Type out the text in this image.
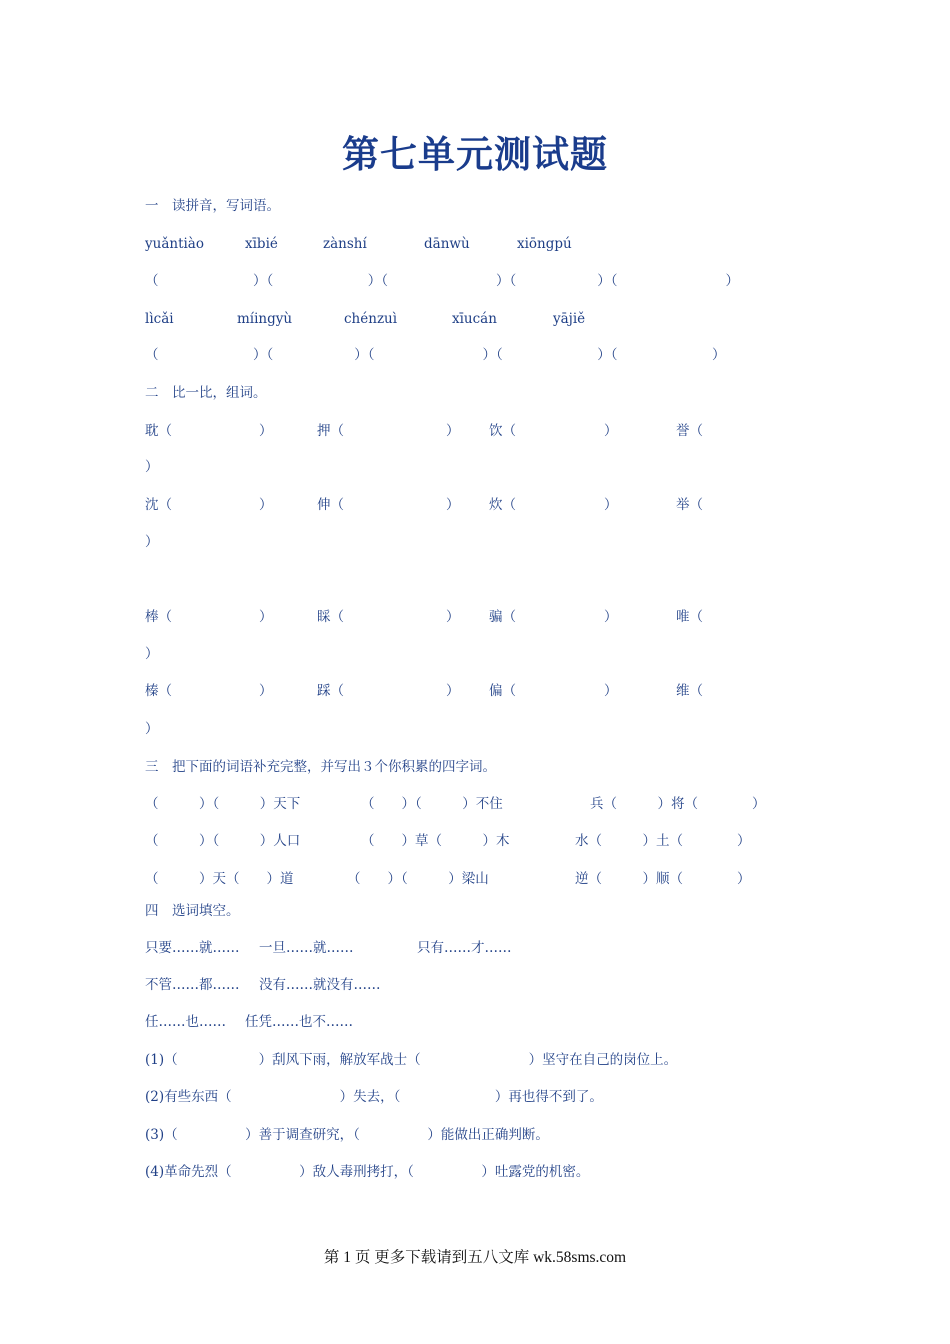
第七单元测试题
一　读拼音，写词语。
yuǎntiào	xībié	zànshí	dānwù	xiōngpú
（　　　　　　　）（　　　　　　　）（　　　　　　　　）（　　　　　　）（　　　　　　　　）
lìcǎi	míingyù	chénzuì	xīucán	yājiě
（　　　　　　　）（　　　　　　）（　　　　　　　　）（　　　　　　　）（　　　　　　　）
二　比一比，组词。
耽（	）	押（	） 饮（	）	誉（
）
沈（	）	伸（	） 炊（	）	举（
）
棒（	）	睬（	） 骗（	）	唯（
）
榛（	）	踩（	） 偏（	）	维（
）
三　把下面的词语补充完整，并写出３个你积累的四字词。
（　　　）（　　　）天下	（　　）（　　　）不住	兵（　　　）将（　　　　）
（　　　）（　　　）人口	（　　）草（　　　）木	水（　　　）土（　　　　）
（　　　）天（　　）道	（　　）（　　　）梁山	逆（　　　）顺（　　　　）
四　选词填空。
只要……就…… 一旦……就……	只有……才……
不管……都…… 没有……就没有……
任……也…… 任凭……也不……
(1)（　　　　　　）刮风下雨，解放军战士（　　　　　　　　）坚守在自己的岗位上。
(2)有些东西（　　　　　　　　）失去，（　　　　　　　）再也得不到了。
(3)（　　　　　）善于调查研究，（　　　　　）能做出正确判断。
(4)革命先烈（　　　　　）敌人毒刑拷打，（　　　　　）吐露党的机密。
第 1 页 更多下载请到五八文库 wk.58sms.com
